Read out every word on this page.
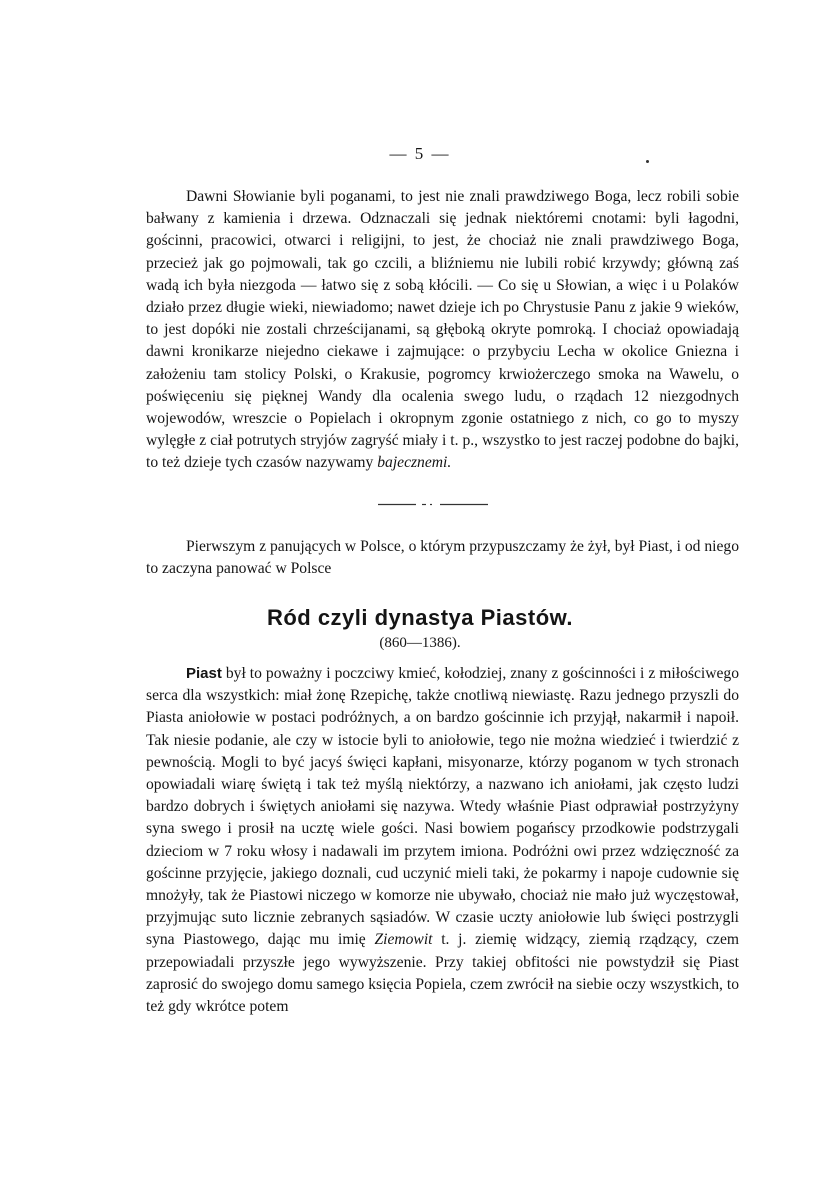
— 5 —

Dawni Słowianie byli poganami, to jest nie znali prawdziwego Boga, lecz robili sobie bałwany z kamienia i drzewa. Odznaczali się jednak niektóremi cnotami: byli łagodni, gościnni, pracowici, otwarci i religijni, to jest, że chociaż nie znali prawdziwego Boga, przecież jak go pojmowali, tak go czcili, a bliźniemu nie lubili robić krzywdy; główną zaś wadą ich była niezgoda — łatwo się z sobą kłócili. — Co się u Słowian, a więc i u Polaków działo przez długie wieki, niewiadomo; nawet dzieje ich po Chrystusie Panu z jakie 9 wieków, to jest dopóki nie zostali chrześcijanami, są głęboką okryte pomroką. I chociaż opowiadają dawni kronikarze niejedno ciekawe i zajmujące: o przybyciu Lecha w okolice Gniezna i założeniu tam stolicy Polski, o Krakusie, pogromcy krwiożerczego smoka na Wawelu, o poświęceniu się pięknej Wandy dla ocalenia swego ludu, o rządach 12 niezgodnych wojewodów, wreszcie o Popielach i okropnym zgonie ostatniego z nich, co go to myszy wylęgłe z ciał potrutych stryjów zagryść miały i t. p., wszystko to jest raczej podobne do bajki, to też dzieje tych czasów nazywamy bajecznemi.

Pierwszym z panujących w Polsce, o którym przypuszczamy że żył, był Piast, i od niego to zaczyna panować w Polsce

Ród czyli dynastya Piastów.
(860—1386).

Piast był to poważny i poczciwy kmieć, kołodziej, znany z gościnności i z miłościwego serca dla wszystkich: miał żonę Rzepichę, także cnotliwą niewiastę. Razu jednego przyszli do Piasta aniołowie w postaci podróżnych, a on bardzo gościnnie ich przyjął, nakarmił i napoił. Tak niesie podanie, ale czy w istocie byli to aniołowie, tego nie można wiedzieć i twierdzić z pewnością. Mogli to być jacyś święci kapłani, misyonarze, którzy poganom w tych stronach opowiadali wiarę świętą i tak też myślą niektórzy, a nazwano ich aniołami, jak często ludzi bardzo dobrych i świętych aniołami się nazywa. Wtedy właśnie Piast odprawiał postrzyżyny syna swego i prosił na ucztę wiele gości. Nasi bowiem pogańscy przodkowie podstrzygali dzieciom w 7 roku włosy i nadawali im przytem imiona. Podróżni owi przez wdzięczność za gościnne przyjęcie, jakiego doznali, cud uczynić mieli taki, że pokarmy i napoje cudownie się mnożyły, tak że Piastowi niczego w komorze nie ubywało, chociaż nie mało już wyczęstował, przyjmując suto licznie zebranych sąsiadów. W czasie uczty aniołowie lub święci postrzygli syna Piastowego, dając mu imię Ziemowit t. j. ziemię widzący, ziemią rządzący, czem przepowiadali przyszłe jego wywyższenie. Przy takiej obfitości nie powstydził się Piast zaprosić do swojego domu samego księcia Popiela, czem zwrócił na siebie oczy wszystkich, to też gdy wkrótce potem
